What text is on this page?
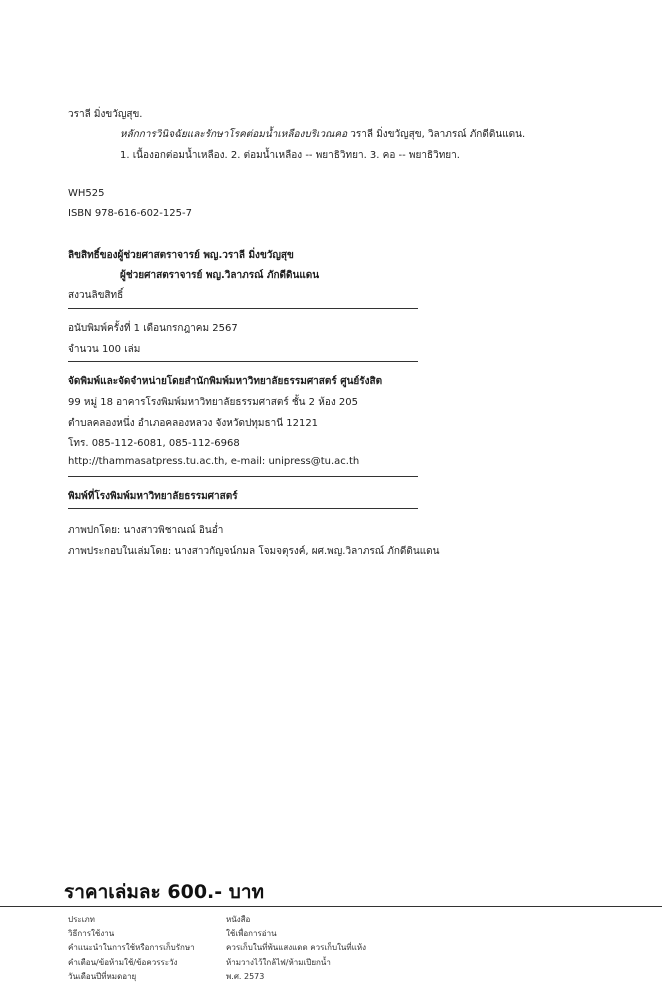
วราลี มิ่งขวัญสุข.
หลักการวินิจฉัยและรักษาโรคต่อมน้ำเหลืองบริเวณคอ วราลี มิ่งขวัญสุข, วิลาภรณ์ ภักดีดินแดน.
1. เนื้องอกต่อมน้ำเหลือง. 2. ต่อมน้ำเหลือง -- พยาธิวิทยา. 3. คอ -- พยาธิวิทยา.
WH525
ISBN 978-616-602-125-7
ลิขสิทธิ์ของผู้ช่วยศาสตราจารย์ พญ.วราลี มิ่งขวัญสุข
ผู้ช่วยศาสตราจารย์ พญ.วิลาภรณ์ ภักดีดินแดน
สงวนลิขสิทธิ์
อนับพิมพ์ครั้งที่ 1 เดือนกรกฎาคม 2567
จำนวน 100 เล่ม
จัดพิมพ์และจัดจำหน่ายโดยสำนักพิมพ์มหาวิทยาลัยธรรมศาสตร์ ศูนย์รังสิต
99 หมู่ 18 อาคารโรงพิมพ์มหาวิทยาลัยธรรมศาสตร์ ชั้น 2 ห้อง 205
ตำบลคลองหนึ่ง อำเภอคลองหลวง จังหวัดปทุมธานี 12121
โทร. 085-112-6081, 085-112-6968
http://thammasatpress.tu.ac.th, e-mail: unipress@tu.ac.th
พิมพ์ที่โรงพิมพ์มหาวิทยาลัยธรรมศาสตร์
ภาพปกโดย: นางสาวพิชาณณ์ อินอ่ำ
ภาพประกอบในเล่มโดย: นางสาวกัญจน์กมล โจมจตุรงค์, ผศ.พญ.วิลาภรณ์ ภักดีดินแดน
ราคาเล่มละ 600.- บาท
ประเภท
วิธีการใช้งาน
คำแนะนำในการใช้หรือการเก็บรักษา
คำเตือน/ข้อห้ามใช้/ข้อควรระวัง
วันเดือนปีที่หมดอายุ
หนังสือ
ใช้เพื่อการอ่าน
ควรเก็บในที่พ้นแสงแดด ควรเก็บในที่แห้ง
ห้ามวางไว้ใกล้ไฟ/ห้ามเปียกน้ำ
พ.ศ. 2573
